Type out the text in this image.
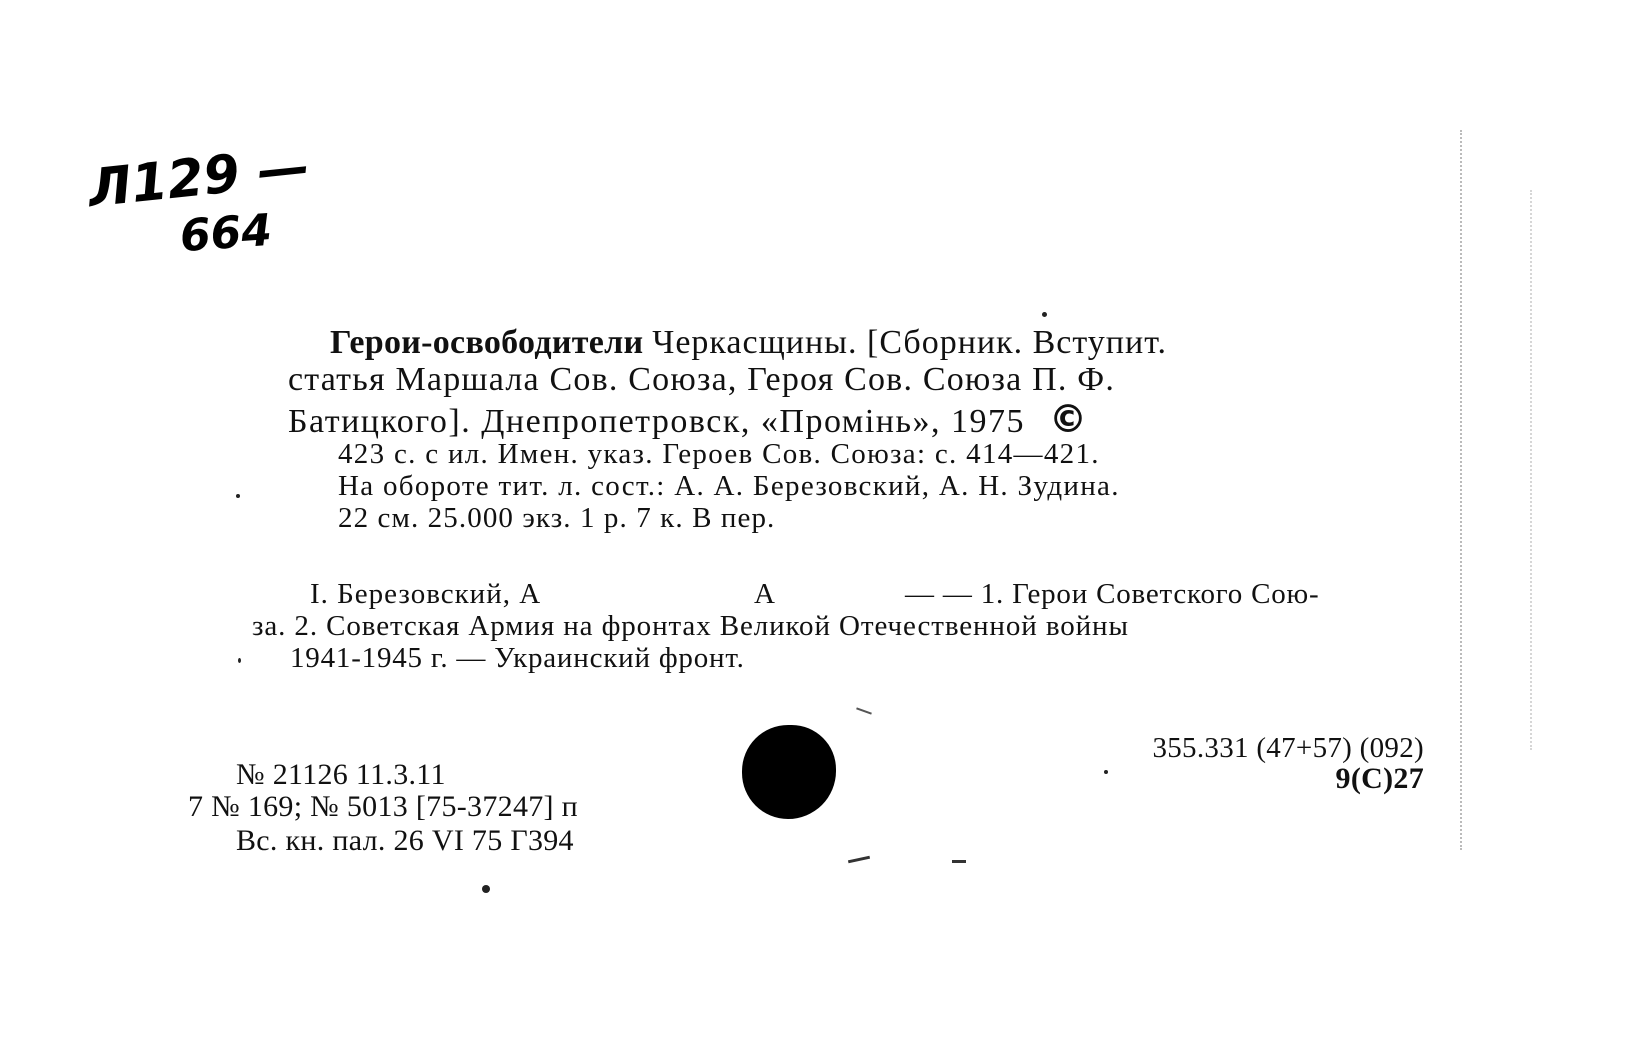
Л129 —
664
Герои-освободители Черкасщины. [Сборник. Вступит.
статья Маршала Сов. Союза, Героя Сов. Союза П. Ф.
Батицкого]. Днепропетровск, «Промінь», 1975 ©
423 с. с ил. Имен. указ. Героев Сов. Союза: с. 414—421.
На обороте тит. л. сост.: А. А. Березовский, А. Н. Зудина.
22 см. 25.000 экз. 1 р. 7 к. В пер.
I. Березовский, А	А	— — 1. Герои Советского Сою-
за. 2. Советская Армия на фронтах Великой Отечественной войны
1941-1945 г. — Украинский фронт.
355.331 (47+57) (092)
9(С)27
№ 21126 11.3.11
7 № 169; № 5013 [75-37247] п
Вс. кн. пал. 26 VI 75 Г394
